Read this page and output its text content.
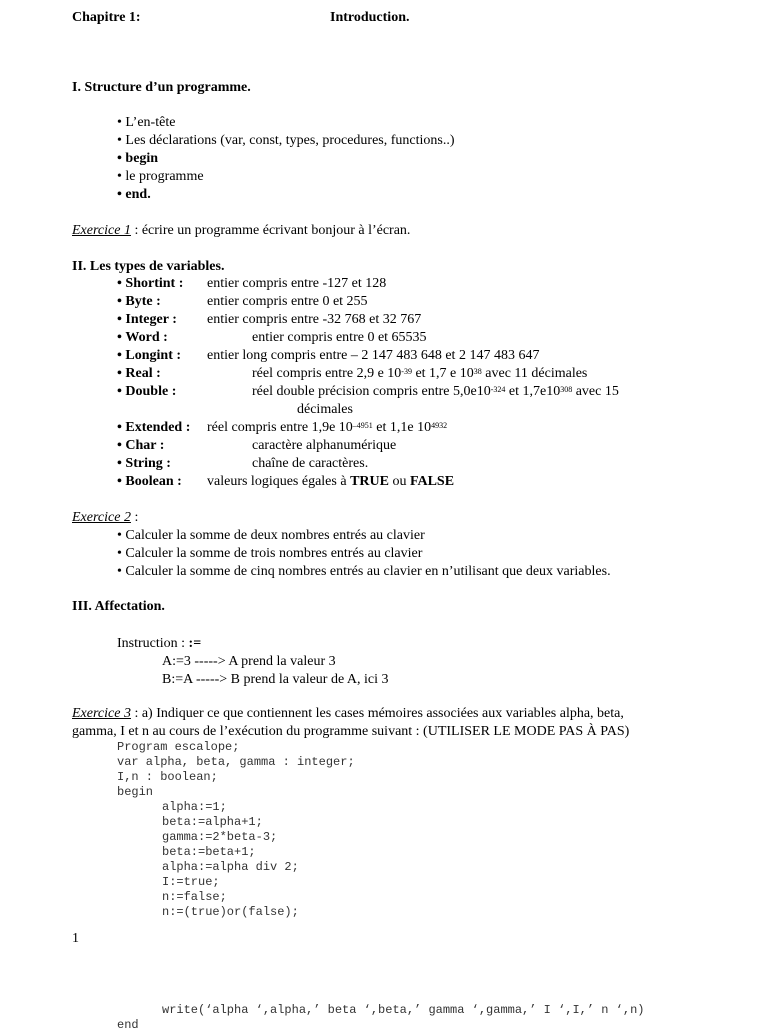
Chapitre 1:	Introduction.
I. Structure d’un programme.
• L’en-tête
• Les déclarations (var, const, types, procedures, functions..)
• begin
• le programme
• end.
Exercice 1 : écrire un programme écrivant bonjour à l’écran.
II. Les types de variables.
• Shortint : entier compris entre -127 et 128
• Byte :	entier compris entre 0 et 255
• Integer : entier compris entre -32 768 et 32 767
• Word :	entier compris entre 0 et 65535
• Longint : entier long compris entre – 2 147 483 648 et 2 147 483 647
• Real :	réel compris entre 2,9 e $10^{-39}$ et 1,7 e $10^{38}$ avec 11 décimales
• Double :	réel double précision compris entre $5,0e10^{-324}$ et $1,7e10^{308}$ avec 15
décimales
• Extended : réel compris entre 1,9e $10^{-4951}$ et 1,1e $10^{4932}$
• Char :	caractère alphanumérique
• String :	chaîne de caractères.
• Boolean : valeurs logiques égales à TRUE ou FALSE
Exercice 2 :
• Calculer la somme de deux nombres entrés au clavier
• Calculer la somme de trois nombres entrés au clavier
• Calculer la somme de cinq nombres entrés au clavier en n’utilisant que deux variables.
III. Affectation.
Instruction : :=
A:=3 -----> A prend la valeur 3
B:=A -----> B prend la valeur de A, ici 3
Exercice 3 : a) Indiquer ce que contiennent les cases mémoires associées aux variables alpha, beta,
gamma, I et n au cours de l’exécution du programme suivant : (UTILISER LE MODE PAS À PAS)
Program escalope;
var alpha, beta, gamma : integer;
I,n : boolean;
begin
alpha:=1;
beta:=alpha+1;
gamma:=2*beta-3;
beta:=beta+1;
alpha:=alpha div 2;
I:=true;
n:=false;
n:=(true)or(false);
1
write(‘alpha ‘,alpha,’ beta ‘,beta,’ gamma ‘,gamma,’ I ‘,I,’ n ‘,n)
end
